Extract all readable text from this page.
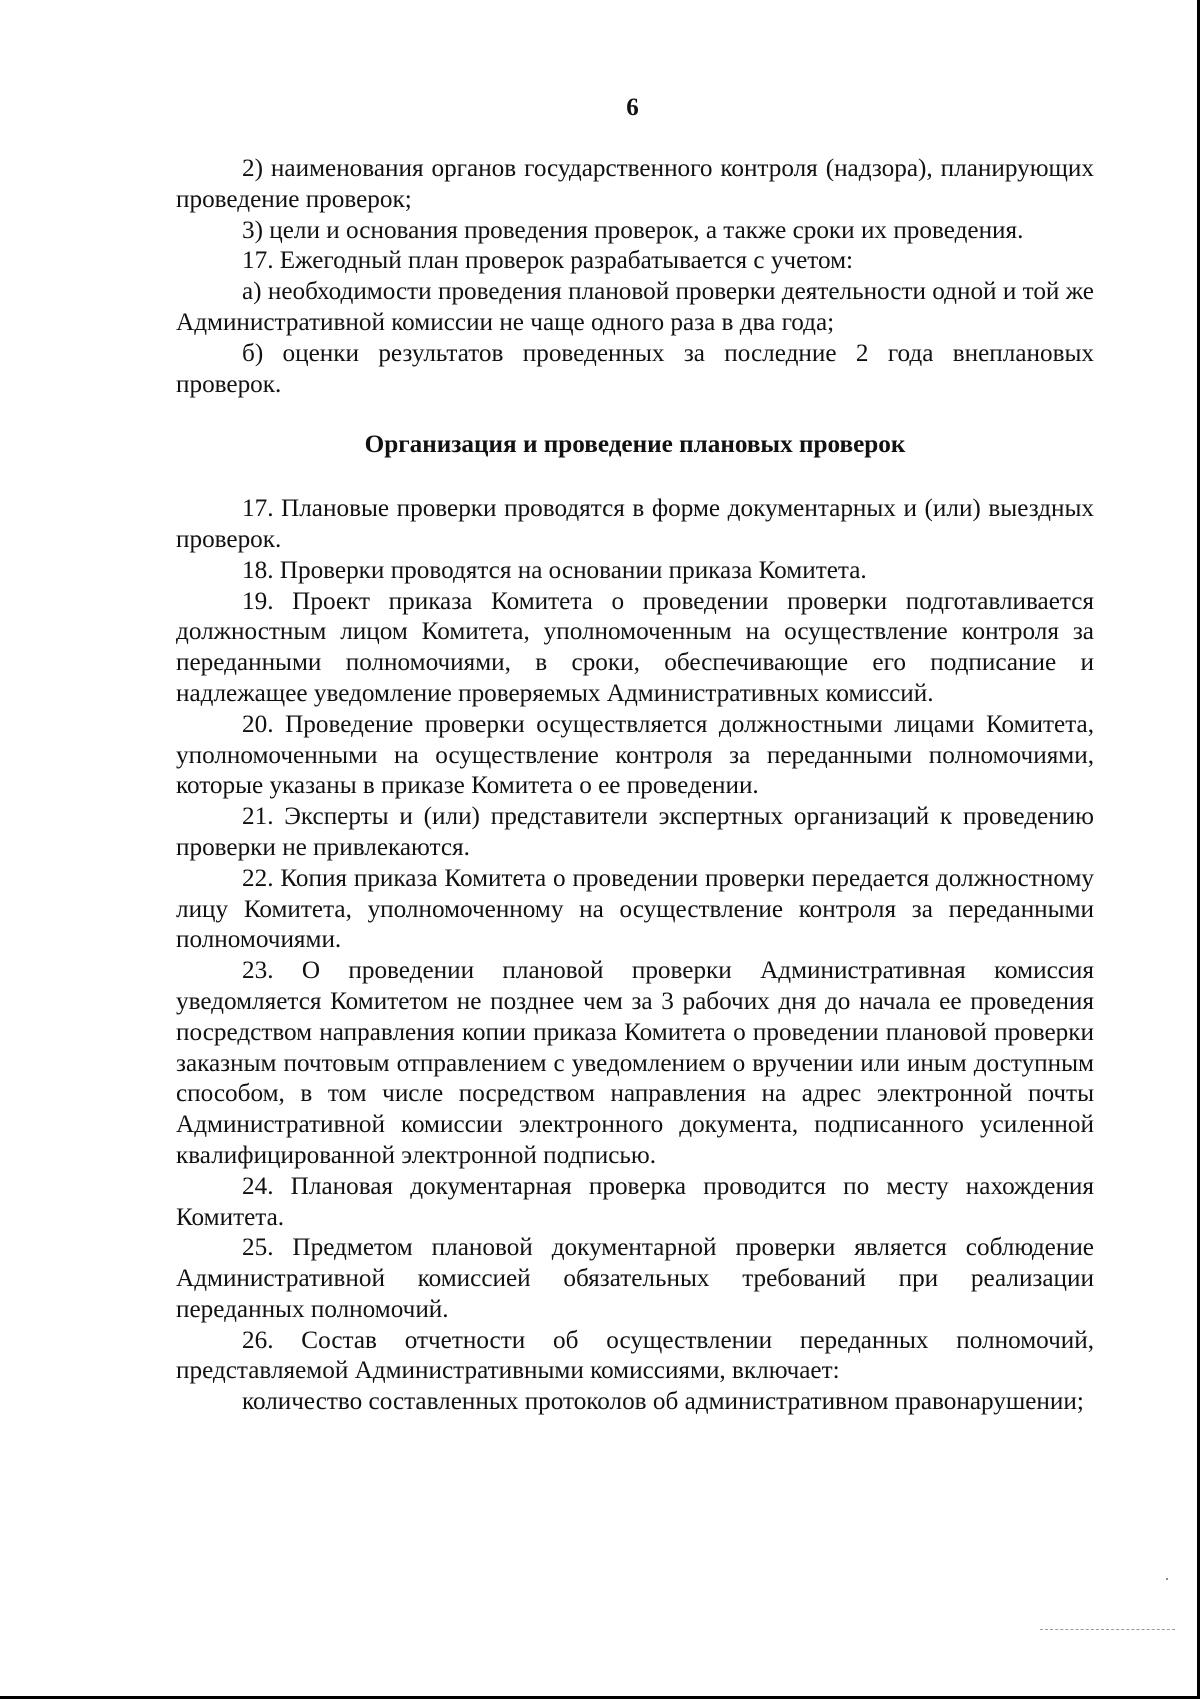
6

2) наименования органов государственного контроля (надзора), планирующих проведение проверок;

3) цели и основания проведения проверок, а также сроки их проведения.

17. Ежегодный план проверок разрабатывается с учетом:

а) необходимости проведения плановой проверки деятельности одной и той же Административной комиссии не чаще одного раза в два года;

б) оценки результатов проведенных за последние 2 года внеплановых проверок.

Организация и проведение плановых проверок

17. Плановые проверки проводятся в форме документарных и (или) выездных проверок.

18. Проверки проводятся на основании приказа Комитета.

19. Проект приказа Комитета о проведении проверки подготавливается должностным лицом Комитета, уполномоченным на осуществление контроля за переданными полномочиями, в сроки, обеспечивающие его подписание и надлежащее уведомление проверяемых Административных комиссий.

20. Проведение проверки осуществляется должностными лицами Комитета, уполномоченными на осуществление контроля за переданными полномочиями, которые указаны в приказе Комитета о ее проведении.

21. Эксперты и (или) представители экспертных организаций к проведению проверки не привлекаются.

22. Копия приказа Комитета о проведении проверки передается должностному лицу Комитета, уполномоченному на осуществление контроля за переданными полномочиями.

23. О проведении плановой проверки Административная комиссия уведомляется Комитетом не позднее чем за 3 рабочих дня до начала ее проведения посредством направления копии приказа Комитета о проведении плановой проверки заказным почтовым отправлением с уведомлением о вручении или иным доступным способом, в том числе посредством направления на адрес электронной почты Административной комиссии электронного документа, подписанного усиленной квалифицированной электронной подписью.

24. Плановая документарная проверка проводится по месту нахождения Комитета.

25. Предметом плановой документарной проверки является соблюдение Административной комиссией обязательных требований при реализации переданных полномочий.

26. Состав отчетности об осуществлении переданных полномочий, представляемой Административными комиссиями, включает:

количество составленных протоколов об административном правонарушении;
